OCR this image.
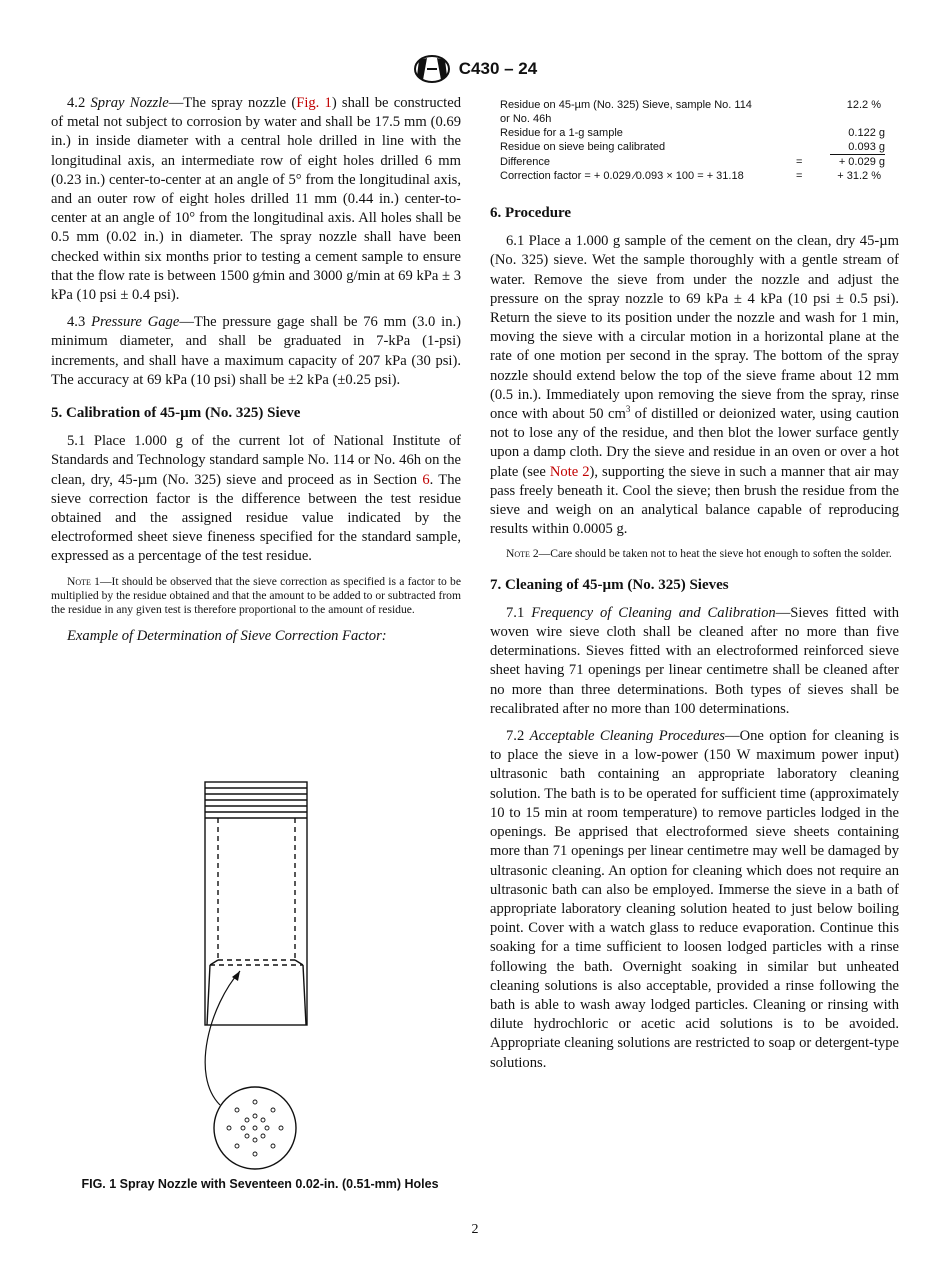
C430 – 24

4.2 Spray Nozzle—The spray nozzle (Fig. 1) shall be constructed of metal not subject to corrosion by water and shall be 17.5 mm (0.69 in.) in inside diameter with a central hole drilled in line with the longitudinal axis, an intermediate row of eight holes drilled 6 mm (0.23 in.) center-to-center at an angle of 5° from the longitudinal axis, and an outer row of eight holes drilled 11 mm (0.44 in.) center-to-center at an angle of 10° from the longitudinal axis. All holes shall be 0.5 mm (0.02 in.) in diameter. The spray nozzle shall have been checked within six months prior to testing a cement sample to ensure that the flow rate is between 1500 g⁄min and 3000 g/min at 69 kPa ± 3 kPa (10 psi ± 0.4 psi).

4.3 Pressure Gage—The pressure gage shall be 76 mm (3.0 in.) minimum diameter, and shall be graduated in 7-kPa (1-psi) increments, and shall have a maximum capacity of 207 kPa (30 psi). The accuracy at 69 kPa (10 psi) shall be ±2 kPa (±0.25 psi).

5. Calibration of 45-µm (No. 325) Sieve

5.1 Place 1.000 g of the current lot of National Institute of Standards and Technology standard sample No. 114 or No. 46h on the clean, dry, 45-µm (No. 325) sieve and proceed as in Section 6. The sieve correction factor is the difference between the test residue obtained and the assigned residue value indicated by the electroformed sheet sieve fineness specified for the standard sample, expressed as a percentage of the test residue.

Note 1—It should be observed that the sieve correction as specified is a factor to be multiplied by the residue obtained and that the amount to be added to or subtracted from the residue in any given test is therefore proportional to the amount of residue.

Example of Determination of Sieve Correction Factor:

FIG. 1 Spray Nozzle with Seventeen 0.02-in. (0.51-mm) Holes
Residue on 45-µm (No. 325) Sieve, sample No. 114	12.2 %
or No. 46h
Residue for a 1-g sample	0.122 g
Residue on sieve being calibrated	0.093 g
Difference	=	+ 0.029 g
Correction factor = + 0.029 ⁄0.093 × 100 = + 31.18	=	+ 31.2 %
6. Procedure

6.1 Place a 1.000 g sample of the cement on the clean, dry 45-µm (No. 325) sieve. Wet the sample thoroughly with a gentle stream of water. Remove the sieve from under the nozzle and adjust the pressure on the spray nozzle to 69 kPa ± 4 kPa (10 psi ± 0.5 psi). Return the sieve to its position under the nozzle and wash for 1 min, moving the sieve with a circular motion in a horizontal plane at the rate of one motion per second in the spray. The bottom of the spray nozzle should extend below the top of the sieve frame about 12 mm (0.5 in.). Immediately upon removing the sieve from the spray, rinse once with about 50 $cm^3$ of distilled or deionized water, using caution not to lose any of the residue, and then blot the lower surface gently upon a damp cloth. Dry the sieve and residue in an oven or over a hot plate (see Note 2), supporting the sieve in such a manner that air may pass freely beneath it. Cool the sieve; then brush the residue from the sieve and weigh on an analytical balance capable of reproducing results within 0.0005 g.

Note 2—Care should be taken not to heat the sieve hot enough to soften the solder.
7. Cleaning of 45-µm (No. 325) Sieves

7.1 Frequency of Cleaning and Calibration—Sieves fitted with woven wire sieve cloth shall be cleaned after no more than five determinations. Sieves fitted with an electroformed reinforced sieve sheet having 71 openings per linear centimetre shall be cleaned after no more than three determinations. Both types of sieves shall be recalibrated after no more than 100 determinations.

7.2 Acceptable Cleaning Procedures—One option for cleaning is to place the sieve in a low-power (150 W maximum power input) ultrasonic bath containing an appropriate laboratory cleaning solution. The bath is to be operated for sufficient time (approximately 10 to 15 min at room temperature) to remove particles lodged in the openings. Be apprised that electroformed sieve sheets containing more than 71 openings per linear centimetre may well be damaged by ultrasonic cleaning. An option for cleaning which does not require an ultrasonic bath can also be employed. Immerse the sieve in a bath of appropriate laboratory cleaning solution heated to just below boiling point. Cover with a watch glass to reduce evaporation. Continue this soaking for a time sufficient to loosen lodged particles with a rinse following the bath. Overnight soaking in similar but unheated cleaning solutions is also acceptable, provided a rinse following the bath is able to wash away lodged particles. Cleaning or rinsing with dilute hydrochloric or acetic acid solutions is to be avoided. Appropriate cleaning solutions are restricted to soap or detergent-type solutions.

2
